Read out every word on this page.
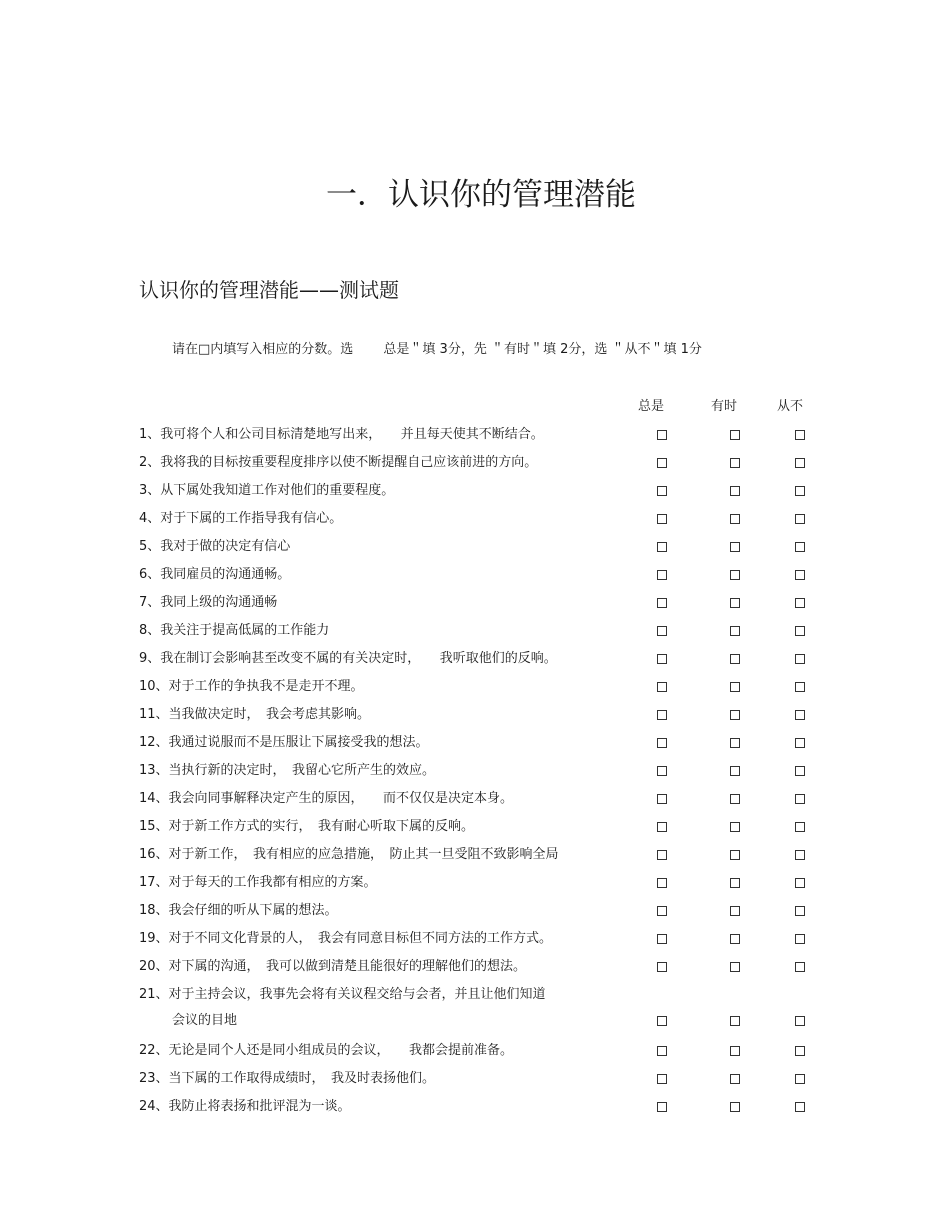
一．认识你的管理潜能
认识你的管理潜能——测试题
请在□内填写入相应的分数。选 　　总是＂填 3分，先 ＂有时＂填 2分，选 ＂从不＂填 1分
总是	有时	从不
1、我可将个人和公司目标清楚地写出来，　　并且每天使其不断结合。
2、我将我的目标按重要程度排序以使不断提醒自己应该前进的方向。
3、从下属处我知道工作对他们的重要程度。
4、对于下属的工作指导我有信心。
5、我对于做的决定有信心
6、我同雇员的沟通通畅。
7、我同上级的沟通通畅
8、我关注于提高低属的工作能力
9、我在制订会影响甚至改变不属的有关决定时，　　我听取他们的反响。
10、对于工作的争执我不是走开不理。
11、当我做决定时，　我会考虑其影响。
12、我通过说服而不是压服让下属接受我的想法。
13、当执行新的决定时，　我留心它所产生的效应。
14、我会向同事解释决定产生的原因，　　而不仅仅是决定本身。
15、对于新工作方式的实行，　我有耐心听取下属的反响。
16、对于新工作，　我有相应的应急措施，　防止其一旦受阻不致影响全局
17、对于每天的工作我都有相应的方案。
18、我会仔细的听从下属的想法。
19、对于不同文化背景的人，　我会有同意目标但不同方法的工作方式。
20、对下属的沟通，　我可以做到清楚且能很好的理解他们的想法。
21、对于主持会议，我事先会将有关议程交给与会者，并且让他们知道
会议的目地
22、无论是同个人还是同小组成员的会议，　　我都会提前准备。
23、当下属的工作取得成绩时，　我及时表扬他们。
24、我防止将表扬和批评混为一谈。
